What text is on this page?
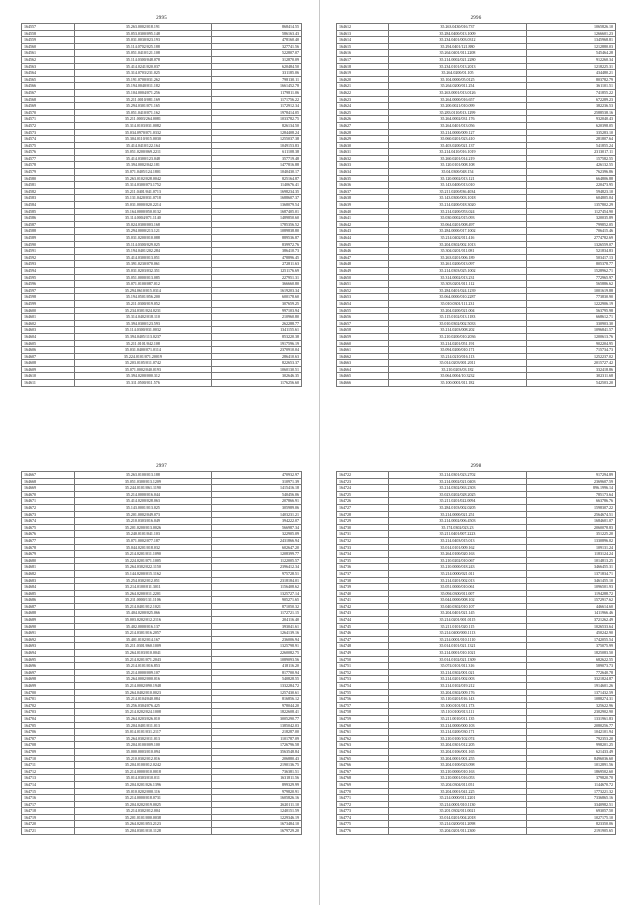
2995
164557	35.263.0002/018.191	868414.55
164558	35.053.0300/095.148	586163.43
164559	35.031.0030/023.193	478160.40
164560	35.114.0702/025.188	327741.56
164561	35.051.0410/121.108	522807.07
164562	35.114.0300/048.078	312870.09
164563	35.414.0241/020.037	620484.50
164564	35.314.0703/231.025	331185.06
164565	35.191.0700/031.262	798130.11
164566	35.194.0040/011.182	1661452.78
164567	35.104.0004/071.256	1179811.06
164568	35.211.0010/081.169	1171756.22
164569	35.294.0301/071.165	1172912.34
164570	35.051.0410/071.162	1978414.05
164571	35.211.0003/264.0081	1033782.75
164572	35.314.0103/031.0082	826134.50
164573	35.034.0970/071.0332	1284408.24
164574	35.304.0110/015.0030	1255037.38
164575	35.414.0410/122.164	1049153.83
164576	35.051.0200/069.2211	611108.38
164577	35.414.0300/123.048	357719.48
164578	35.394.0002/042.181	1477816.88
164579	35.071.0405/124.1801	1040430.17
164580	35.263.0102/028.0042	825164.87
164581	35.314.0300/073.1752	1140676.41
164582	35.211.0401/041.0713	1698234.35
164583	35.131.0420/031.0718	1688607.37
164584	35.031.0000/020.2214	1368079.54
164585	35.164.0000/050.0132	1687405.01
164586	35.114.0004/071.1140	1489850.60
164587	35.024.0300/003.168	1785356.52
164588	35.294.0000/213.121	1089838.80
164589	35.031.0200/010.088	889536.87
164590	35.114.0300/029.025	839972.76
164591	35.194.0401/202.284	386410.73
164592	35.414.0300/013.051	478896.45
164593	35.391.0230/070.061	272811.63
164594	35.031.0203/032.351	1251176.69
164595	35.051.0000/013.085	227951.31
164596	35.071.0100/087.012	366660.80
164597	35.294.0610/015.0314	1619203.34
164598	35.194.0501/056.200	600178.60
164599	35.211.0300/019.052	307659.25
164600	35.234.0301/024.0231	997103.94
164601	35.314.0402/018.110	210960.80
164602	35.394.0300/123.593	262288.77
164603	35.114.0300/031.0032	1341155.61
164604	35.394.0405/113.0237	853220.38
164605	35.211.0101/042.108	1917596.19
164606	35.031.0400/071.0114	2370910.04
164607	35.224.0101/071.20019	286410.63
164608	35.203.0105/011.0742	822653.37
164609	35.071.0002/040.0193	1060130.51
164610	35.394.0200/000.312	302646.35
164611	35.311.0500/011.576	1176256.60
2996
164612	35.263.0430/016.737	1065826.10
164613	35.284.0400/013.1009	1266601.23
164614	35.234.0401/003.0312	1345968.81
164615	35.294.0401/121.880	1212880.03
164616	35.264.0401/011.2208	545464.28
164617	35.214.0002/021.2280	912260.34
164618	35.234.0101/013.2013	1218225.31
164619	35.264.0200/01.105	434480.21
164620	35.104.0000/05.0125	803782.79
164621	35.264.0200/011.254	361101.51
164622	35.263.0001/013.0126	741855.22
164623	35.264.0000/016.657	672289.23
164624	35.200.0021/010.099	382236.53
164625	35.283.0110/013.1299	2588538.16
164626	35.264.0002/031.176	932040.43
164627	35.264.0401/013.056	620398.05
164628	35.214.0000/009.127	335283.10
164629	35.060.0201/023.410	281807.64
164630	35.403.0200/021.137	541855.24
164631	35.214.0410/016.1019	2313017.11
164632	35.260.0201/014.219	157582.55
164633	35.120.0101/008.108	426132.55
164634	35.04.0300/048.154	762396.86
164635	35.120.0002/013.121	664806.88
164636	35.143.0400/013.010	220473.95
164637	35.211.0200/036.4034	594823.10
164638	35.143.0300/003.1018	604805.04
164639	35.214.0200/018.3020	1357802.29
164640	35.214.0200/053.024	1127454.90
164641	35.030.0002/015.093	320035.89
164642	35.064.0201/008.497	799852.05
164643	35.284.0000/017.1002	706415.46
164644	35.214.0402/011.416	2774782.69
164645	35.204.0302/002.1013	1326559.07
164646	35.304.0201/011.081	521834.83
164647	35.263.0201/006.189	503417.13
164648	35.261.0200/013.097	805378.77
164649	35.214.0303/025.1002	1528962.71
164650	35.314.0002/013.231	772965.97
164651	35.303.0201/011.112	565886.62
164652	35.284.0401/024.1239	1001619.88
164653	35.064.0000/010.2287	773830.90
164654	35.010.0301/111.231	1222906.19
164655	35.204.0200/021.004	563795.98
164656	35.115.0102/013.1183	668612.71
164657	35.010.0302/002.5033	330903.30
164658	35.214.0203/008.202	1096841.57
164659	35.210.0200/010.2036	1200613.76
164660	35.214.0201/051.191	902204.95
164661	35.094.0200/010.171	715734.73
164662	35.214.0210/016.113	1252237.02
164663	35.014.0203/001.2011	2015727.42
164664	35.210.0203/03.182	332418.86
164665	35.064.0004/10.3232	302311.68
164666	35.100.0001/011.182	542503.20
2997
164667	35.263.0100/013.188	470932.97
164668	35.051.0300/013.1209	310971.39
164669	35.244.0101/061.1190	1415416.18
164670	35.214.0000/016.044	540456.06
164671	35.414.0200/028.063	207866.91
164672	35.143.0001/013.025	305989.06
164673	35.201.0002/049.073	1403231.21
164674	35.210.0303/016.049	394222.07
164675	35.201.0200/013.0026	566987.34
164676	35.240.0101/041.103	322905.09
164677	35.071.0002/077.187	2431866.94
164678	35.044.0201/018.032	602647.20
164679	35.214.0201/011.1090	1208399.77
164680	35.224.0201/071.1005	1122005.57
164681	35.264.0302/022.1150	2396412.34
164682	35.144.0200/015.1162	975728.51
164683	35.254.0302/012.051	2318184.01
164684	35.214.0100/011.3011	1156408.62
164685	35.264.0200/011.2201	1325727.14
164686	35.211.0000/131.1106	905271.65
164687	35.214.0401/012.1021	871050.32
164688	35.404.0200/025.066	1172721.15
164689	35.003.0202/012.2116	204116.40
164690	35.402.0000/016.137	393041.61
164691	35.214.0301/016.2057	1264139.16
164692	35.401.0102/014.167	236006.94
164693	35.211.0301/060.1009	1325798.91
164694	35.264.0103/010.0041	2260082.75
164695	35.214.0201/071.2043	1089093.56
164696	35.214.0101/016.853	418116.20
164697	35.214.0000/009.107	817700.94
164698	35.264.0002/000.016	540828.55
164699	35.214.0002/090.1948	1332284.72
164700	35.264.0402/010.0023	1257430.61
164701	35.214.0104/040.084	816856.12
164702	35.256.0304/076.425	978044.20
164703	35.214.0202/024.1008	1822608.41
164704	35.264.0203/026.010	3005290.77
164705	35.204.0401/011.013	1385042.03
164706	35.014.0101/031.2117	218287.00
164707	35.264.0302/011.013	1101787.09
164708	35.204.0100/009.100	1726796.58
164709	35.000.0003/010.094	3563548.84
164710	35.210.0302/012.016	206880.43
164711	35.204.0100/012.0242	2190136.75
164712	35.214.0000/010.0018	736381.51
164713	35.014.0303/010.011	1631811.56
164714	35.204.0201/026.1396	899329.99
164715	35.010.0202/000.116	979820.91
164716	35.214.0000/018.0731	1605826.16
164717	35.204.0202/019.0025	2620111.10
164718	35.214.0302/012.004	1240151.59
164719	35.201.0101/000.0038	1229346.19
164720	35.264.0201/053.2123	1673484.10
164721	35.204.0301/010.1128	1679729.20
2998
164722	35.214.0301/023.2702	917294.89
164723	35.214.0002/021.0403	2369607.59
164724	35.214.0302/063.2303	896.1996.14
164725	35.023.0202/028.2025	785173.64
164726	35.211.0201/022.0094	663786.76
164727	35.284.0103/002.0205	1598307.22
164728	35.214.0000/021.251	2564674.51
164729	35.214.0002/006.4503	1684601.07
164730	35.174.0302/023.23	2060078.83
164731	35.211.0401/007.2223	351225.20
164732	35.214.0403/015.013	1330896.02
164733	35.014.0101/009.162	109131.24
164734	35.264.0100/020.163	1183124.24
164735	35.210.0202/010.067	1014813.25
164736	35.210.0000/018.243	3466455.31
164737	35.214.0000/021.011	1371834.71
164738	35.214.0201/002.013	3461455.10
164739	35.051.0000/010.061	1096501.93
164740	35.094.0300/011.007	1194288.72
164741	35.044.0000/008.102	1572917.62
164742	35.040.0302/010.107	446614.60
164743	35.204.0401/021.145	1411966.46
164744	35.214.0201/001.0115	3721262.49
164745	35.211.0101/020.115	1026533.64
164746	35.214.0400/000.1113	450242.90
164747	35.214.0001/010.1110	1742055.54
164748	35.014.0101/021.1321	375075.99
164749	35.214.0001/010.1021	1825083.50
164750	35.014.0102/021.1309	682622.55
164751	35.074.0101/011.316	589073.73
164752	35.214.0302/001.021	772640.78
164753	35.214.0201/002.003	3321824.87
164754	35.214.0102/019.212	1914601.26
164755	35.204.0302/009.176	1371432.59
164756	35.110.0201/016.143	1088274.31
164757	35.100.0101/011.173	325622.96
164758	35.110.0100/013.111	2302902.90
164759	35.211.0010/011.135	1331961.83
164760	35.214.0000/000.103	2080256.77
164761	35.214.0200/030.171	1042101.94
164762	35.210.0100/102.074	792353.20
164763	35.204.0301/012.205	998201.25
164764	35.204.0106/001.165	621433.49
164765	35.204.0001/001.255	8496036.60
164766	35.204.0100/023.098	1012891.56
164767	35.210.0000/010.163	1869502.60
164768	35.210.0001/016.053	379820.70
164769	35.204.0304/011.051	1144670.72
164770	35.204.0001/041.225	1773221.32
164771	35.214.0000/011.2201	7336865.16
164772	35.214.0001/010.1130	3340982.51
164773	35.201.0302/011.0021	693057.50
164774	35.014.0201/004.2018	1027175.10
164775	35.214.0200/011.2098	823350.06
164776	35.204.0201/011.2300	2191905.65
